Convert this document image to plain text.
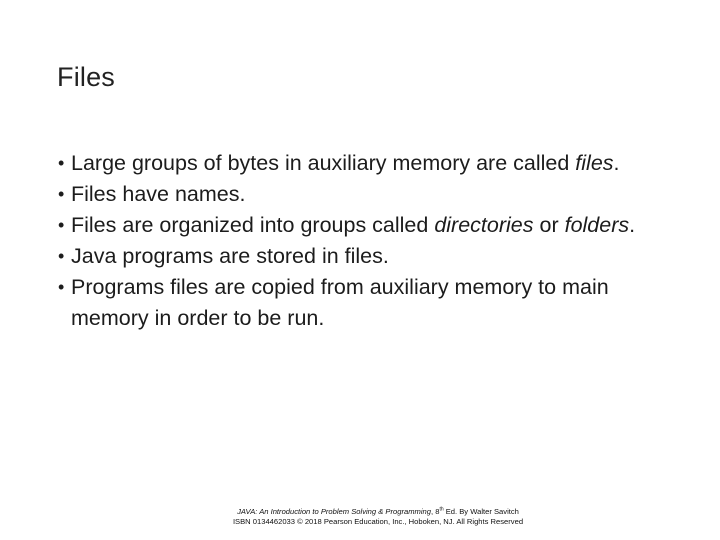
Files
• Large groups of bytes in auxiliary memory are called files.
• Files have names.
• Files are organized into groups called directories or folders.
• Java programs are stored in files.
• Programs files are copied from auxiliary memory to main memory in order to be run.
JAVA: An Introduction to Problem Solving & Programming, 8th Ed. By Walter Savitch
ISBN 0134462033 © 2018 Pearson Education, Inc., Hoboken, NJ. All Rights Reserved
